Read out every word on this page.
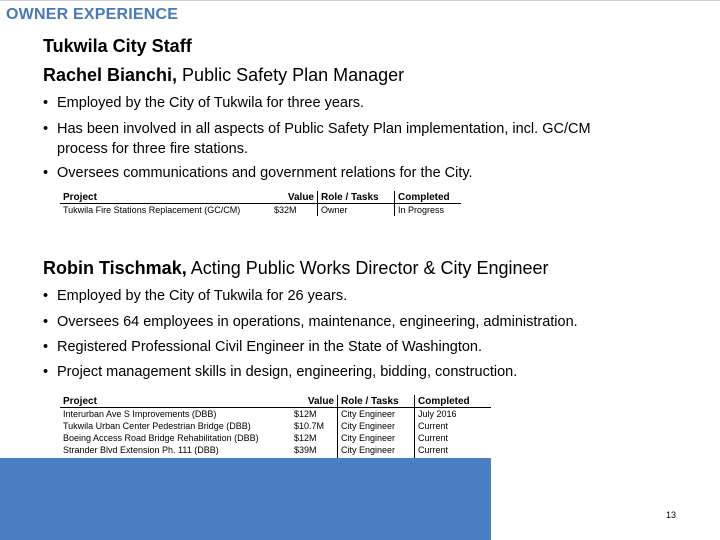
OWNER EXPERIENCE
Tukwila City Staff
Rachel Bianchi, Public Safety Plan Manager
• Employed by the City of Tukwila for three years.
• Has been involved in all aspects of Public Safety Plan implementation, incl. GC/CM
process for three fire stations.
• Oversees communications and government relations for the City.
Project	Value	Role / Tasks	Completed
Tukwila Fire Stations Replacement (GC/CM)	$32M	Owner	In Progress
Robin Tischmak, Acting Public Works Director & City Engineer
• Employed by the City of Tukwila for 26 years.
• Oversees 64 employees in operations, maintenance, engineering, administration.
• Registered Professional Civil Engineer in the State of Washington.
• Project management skills in design, engineering, bidding, construction.
Project	Value	Role / Tasks	Completed
Interurban Ave S Improvements (DBB)	$12M	City Engineer	July 2016
Tukwila Urban Center Pedestrian Bridge (DBB)	$10.7M	City Engineer	Current
Boeing Access Road Bridge Rehabilitation (DBB)	$12M	City Engineer	Current
Strander Blvd Extension Ph. 111 (DBB)	$39M	City Engineer	Current

13
